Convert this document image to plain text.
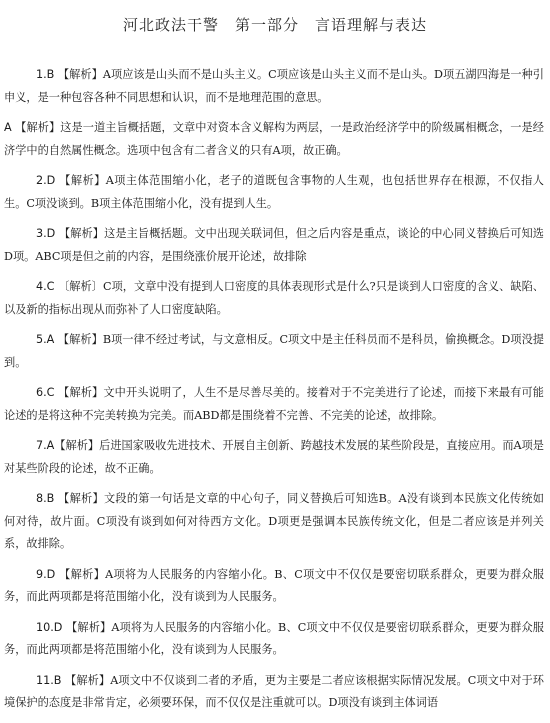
河北政法干警　第一部分　言语理解与表达

1.B 【解析】A项应该是山头而不是山头主义。C项应该是山头主义而不是山头。D项五湖四海是一种引申义，是一种包容各种不同思想和认识，而不是地理范围的意思。

A 【解析】这是一道主旨概括题，文章中对资本含义解构为两层，一是政治经济学中的阶级属相概念，一是经济学中的自然属性概念。选项中包含有二者含义的只有A项，故正确。

2.D 【解析】A项主体范围缩小化，老子的道既包含事物的人生观，也包括世界存在根源，不仅指人生。C项没谈到。B项主体范围缩小化，没有提到人生。

3.D 【解析】这是主旨概括题。文中出现关联词但，但之后内容是重点，谈论的中心同义替换后可知选D项。ABC项是但之前的内容，是围绕涨价展开论述，故排除

4.C 〔解析〕C项，文章中没有提到人口密度的具体表现形式是什么?只是谈到人口密度的含义、缺陷、以及新的指标出现从而弥补了人口密度缺陷。

5.A 【解析】B项一律不经过考试，与文意相反。C项文中是主任科员而不是科员，偷换概念。D项没提到。

6.C 【解析】文中开头说明了，人生不是尽善尽美的。接着对于不完美进行了论述，而接下来最有可能论述的是将这种不完美转换为完美。而ABD都是围绕着不完善、不完美的论述，故排除。

7.A【解析】后进国家吸收先进技术、开展自主创新、跨越技术发展的某些阶段是，直接应用。而A项是对某些阶段的论述，故不正确。

8.B 【解析】文段的第一句话是文章的中心句子，同义替换后可知选B。A没有谈到本民族文化传统如何对待，故片面。C项没有谈到如何对待西方文化。D项更是强调本民族传统文化，但是二者应该是并列关系，故排除。

9.D 【解析】A项将为人民服务的内容缩小化。B、C项文中不仅仅是要密切联系群众，更要为群众服务，而此两项都是将范围缩小化，没有谈到为人民服务。

10.D 【解析】A项将为人民服务的内容缩小化。B、C项文中不仅仅是要密切联系群众，更要为群众服务，而此两项都是将范围缩小化，没有谈到为人民服务。

11.B 【解析】A项文中不仅谈到二者的矛盾，更为主要是二者应该根据实际情况发展。C项文中对于环境保护的态度是非常肯定，必须要环保，而不仅仅是注重就可以。D项没有谈到主体词语
